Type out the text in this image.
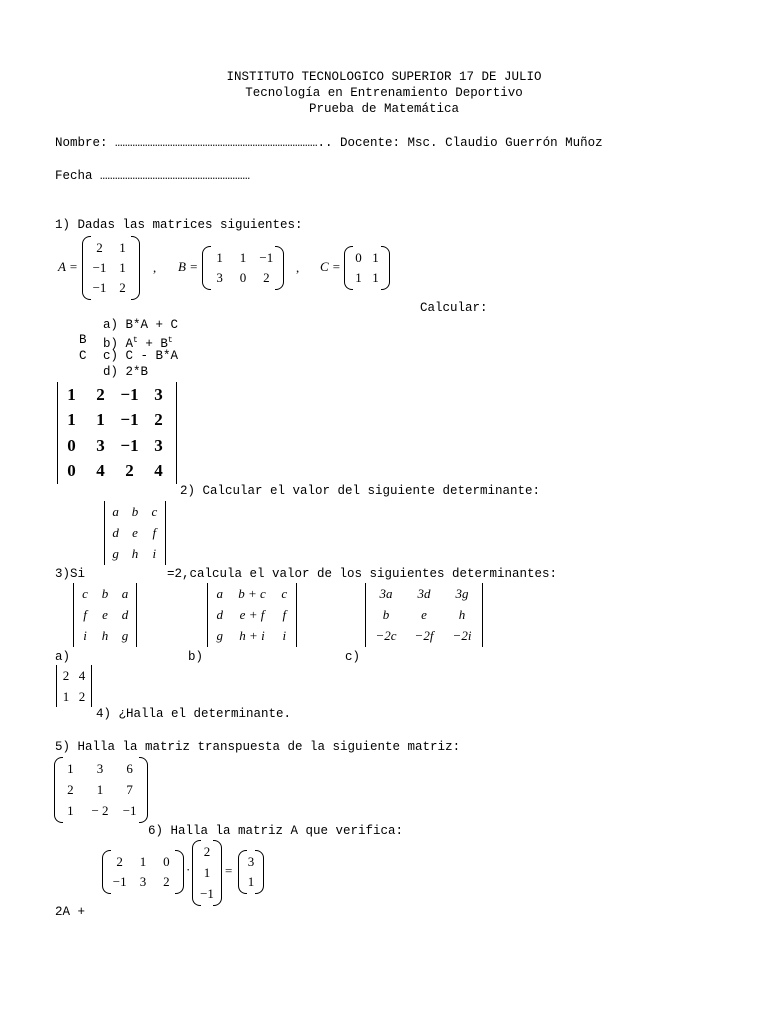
INSTITUTO TECNOLOGICO SUPERIOR 17 DE JULIO
Tecnología en Entrenamiento Deportivo
Prueba de Matemática
Nombre: ……………………………………………………………………….. Docente: Msc. Claudio Guerrón Muñoz
Fecha ……………………………………………………
1) Dadas las matrices siguientes:
A =
2 1
−1 1
−1 2
, B =
1 1 −1
3 0 2
, C =
0 1
1 1
Calcular:
a) B*A + C
B b) $A^t + B^t$
C c) C - B*A
d) 2*B
1 2 −1 3
1 1 −1 2
0 3 −1 3
0 4 2 4
2) Calcular el valor del siguiente determinante:
a b c
d e f
g h i
3)Si	=2,calcula el valor de los siguientes determinantes:
c b a
f e d
i h g
a b + c c
d e + f f
g h + i i
3a 3d 3g
b e h
−2c −2f −2i
a)	b)	c)
2 4
1 2
4) ¿Halla el determinante.
5) Halla la matriz transpuesta de la siguiente matriz:
1 3 6
2 1 7
1 − 2 −1
6) Halla la matriz A que verifica:
2 1 0
−1 3 2
·
2
1
−1
=
3
1
2A +
